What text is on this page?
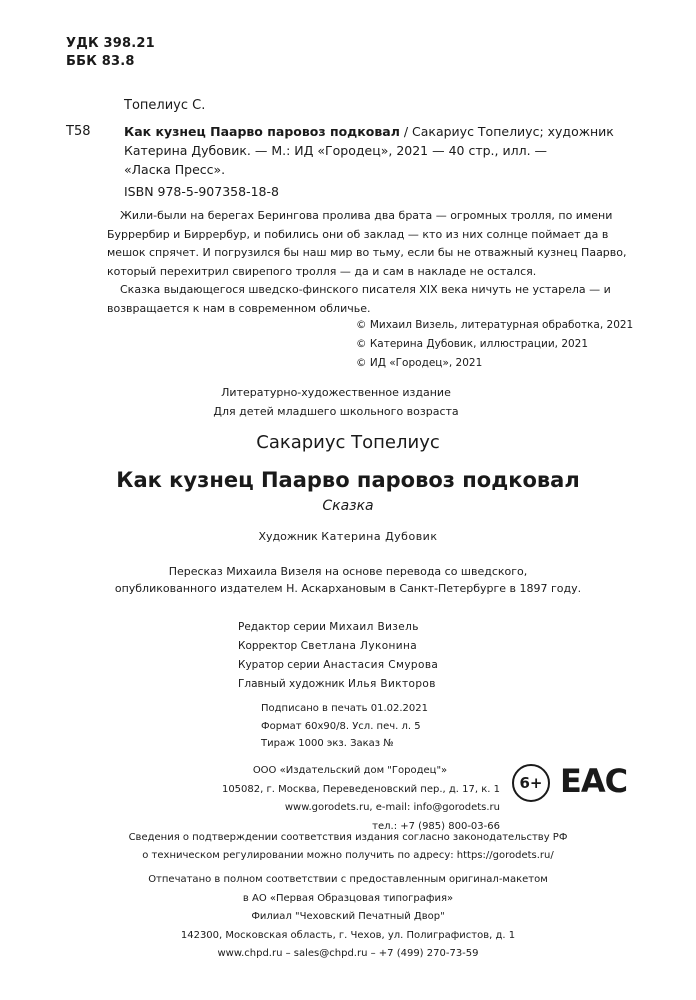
УДК 398.21
ББК 83.8
Топелиус С.
Т58	Как кузнец Паарво паровоз подковал / Сакариус Топелиус; художник
Катерина Дубовик. — М.: ИД «Городец», 2021 — 40 стр., илл. —
«Ласка Пресс».
ISBN 978-5-907358-18-8
Жили-были на берегах Берингова пролива два брата — огромных тролля, по имени Буррербир и Биррербур, и побились они об заклад — кто из них солнце поймает да в мешок спрячет. И погрузился бы наш мир во тьму, если бы не отважный кузнец Паарво, который перехитрил свирепого тролля — да и сам в накладе не остался.
Сказка выдающегося шведско-финского писателя XIX века ничуть не устарела — и возвращается к нам в современном обличье.
© Михаил Визель, литературная обработка, 2021
© Катерина Дубовик, иллюстрации, 2021
© ИД «Городец», 2021
Литературно-художественное издание
Для детей младшего школьного возраста
Сакариус Топелиус
Как кузнец Паарво паровоз подковал
Сказка
Художник Катерина Дубовик
Пересказ Михаила Визеля на основе перевода со шведского,
опубликованного издателем Н. Аскархановым в Санкт-Петербурге в 1897 году.
Редактор серии Михаил Визель
Корректор Светлана Луконина
Куратор серии Анастасия Смурова
Главный художник Илья Викторов
Подписано в печать 01.02.2021
Формат 60х90/8. Усл. печ. л. 5
Тираж 1000 экз. Заказ №
ООО «Издательский дом "Городец"»
105082, г. Москва, Переведеновский пер., д. 17, к. 1
www.gorodets.ru, e-mail: info@gorodets.ru
тел.: +7 (985) 800-03-66
6+ EAC
Сведения о подтверждении соответствия издания согласно законодательству РФ
о техническом регулировании можно получить по адресу: https://gorodets.ru/
Отпечатано в полном соответствии с предоставленным оригинал-макетом
в АО «Первая Образцовая типография»
Филиал "Чеховский Печатный Двор"
142300, Московская область, г. Чехов, ул. Полиграфистов, д. 1
www.chpd.ru – sales@chpd.ru – +7 (499) 270-73-59
